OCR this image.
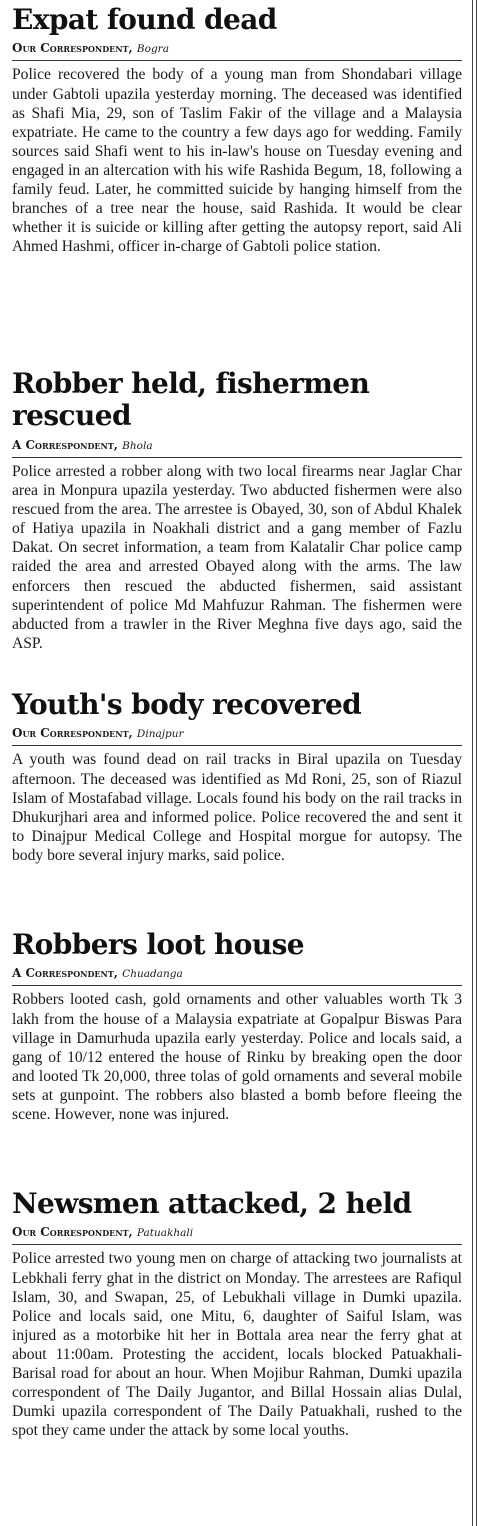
Expat found dead
Our Correspondent, Bogra

Police recovered the body of a young man from Shondabari village under Gabtoli upazila yesterday morning. The deceased was identified as Shafi Mia, 29, son of Taslim Fakir of the village and a Malaysia expatriate. He came to the country a few days ago for wedding. Family sources said Shafi went to his in-law's house on Tuesday evening and engaged in an altercation with his wife Rashida Begum, 18, following a family feud. Later, he committed suicide by hanging himself from the branches of a tree near the house, said Rashida. It would be clear whether it is suicide or killing after getting the autopsy report, said Ali Ahmed Hashmi, officer in-charge of Gabtoli police station.

Robber held, fishermen rescued
A Correspondent, Bhola

Police arrested a robber along with two local firearms near Jaglar Char area in Monpura upazila yesterday. Two abducted fishermen were also rescued from the area. The arrestee is Obayed, 30, son of Abdul Khalek of Hatiya upazila in Noakhali district and a gang member of Fazlu Dakat. On secret information, a team from Kalatalir Char police camp raided the area and arrested Obayed along with the arms. The law enforcers then rescued the abducted fishermen, said assistant superintendent of police Md Mahfuzur Rahman. The fishermen were abducted from a trawler in the River Meghna five days ago, said the ASP.

Youth's body recovered
Our Correspondent, Dinajpur

A youth was found dead on rail tracks in Biral upazila on Tuesday afternoon. The deceased was identified as Md Roni, 25, son of Riazul Islam of Mostafabad village. Locals found his body on the rail tracks in Dhukurjhari area and informed police. Police recovered the and sent it to Dinajpur Medical College and Hospital morgue for autopsy. The body bore several injury marks, said police.

Robbers loot house
A Correspondent, Chuadanga

Robbers looted cash, gold ornaments and other valuables worth Tk 3 lakh from the house of a Malaysia expatriate at Gopalpur Biswas Para village in Damurhuda upazila early yesterday. Police and locals said, a gang of 10/12 entered the house of Rinku by breaking open the door and looted Tk 20,000, three tolas of gold ornaments and several mobile sets at gunpoint. The robbers also blasted a bomb before fleeing the scene. However, none was injured.

Newsmen attacked, 2 held
Our Correspondent, Patuakhali

Police arrested two young men on charge of attacking two journalists at Lebkhali ferry ghat in the district on Monday. The arrestees are Rafiqul Islam, 30, and Swapan, 25, of Lebukhali village in Dumki upazila. Police and locals said, one Mitu, 6, daughter of Saiful Islam, was injured as a motorbike hit her in Bottala area near the ferry ghat at about 11:00am. Protesting the accident, locals blocked Patuakhali-Barisal road for about an hour. When Mojibur Rahman, Dumki upazila correspondent of The Daily Jugantor, and Billal Hossain alias Dulal, Dumki upazila correspondent of The Daily Patuakhali, rushed to the spot they came under the attack by some local youths.
